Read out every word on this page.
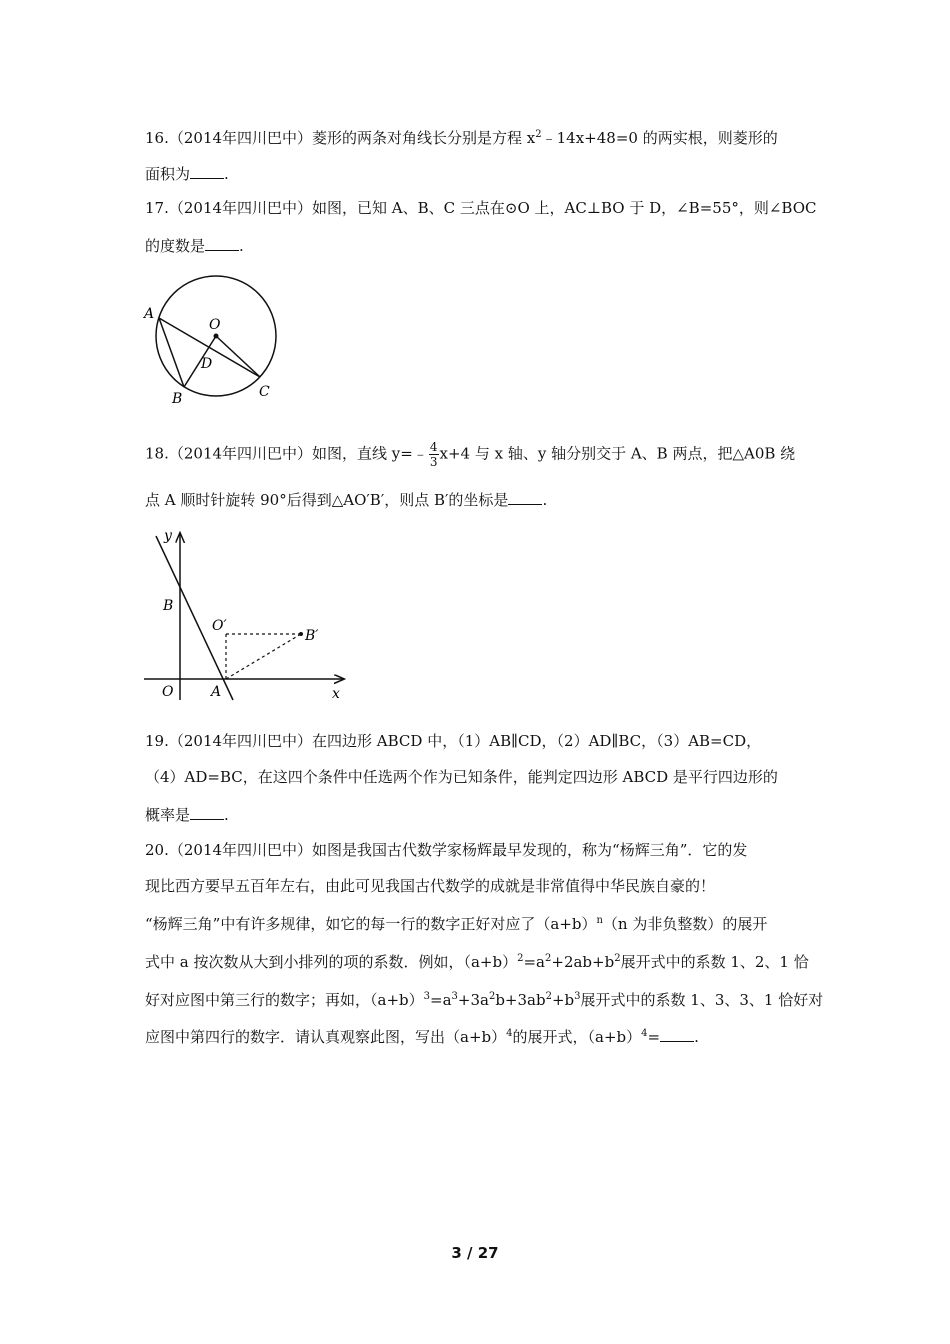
16.（2014年四川巴中）菱形的两条对角线长分别是方程 $x^2﹣14x+48=0$ 的两实根，则菱形的
面积为 .
17.（2014年四川巴中）如图，已知 A、B、C 三点在⊙O 上，AC⊥BO 于 D，∠B=55°，则∠BOC
的度数是 .
A
O
D
B	C
18.（2014年四川巴中）如图，直线 y=﹣ $\frac{4}{3} x+4$ 与 x 轴、y 轴分别交于 A、B 两点，把△A0B 绕
点 A 顺时针旋转 90°后得到△AO′B′，则点 B′的坐标是 .
y
B
O′
B′
O	A	x
19.（2014年四川巴中）在四边形 ABCD 中，（1）AB∥CD，（2）AD∥BC，（3）AB=CD，
（4）AD=BC，在这四个条件中任选两个作为已知条件，能判定四边形 ABCD 是平行四边形的
概率是 .
20.（2014年四川巴中）如图是我国古代数学家杨辉最早发现的，称为“杨辉三角”．它的发
现比西方要早五百年左右，由此可见我国古代数学的成就是非常值得中华民族自豪的！
“杨辉三角”中有许多规律，如它的每一行的数字正好对应了$(a+b)^n(n$ 为非负整数）的展开
式中 a 按次数从大到小排列的项的系数．例如，$(a+b)^2=a^2+2ab+b^2$展开式中的系数 1、2、1 恰
好对应图中第三行的数字；再如，$(a+b)^3=a^3+3a^2b+3ab^2+b^3$展开式中的系数 1、3、3、1 恰好对
应图中第四行的数字．请认真观察此图，写出$(a+b)^4$的展开式，$(a+b)^4=$ .
3 / 27
